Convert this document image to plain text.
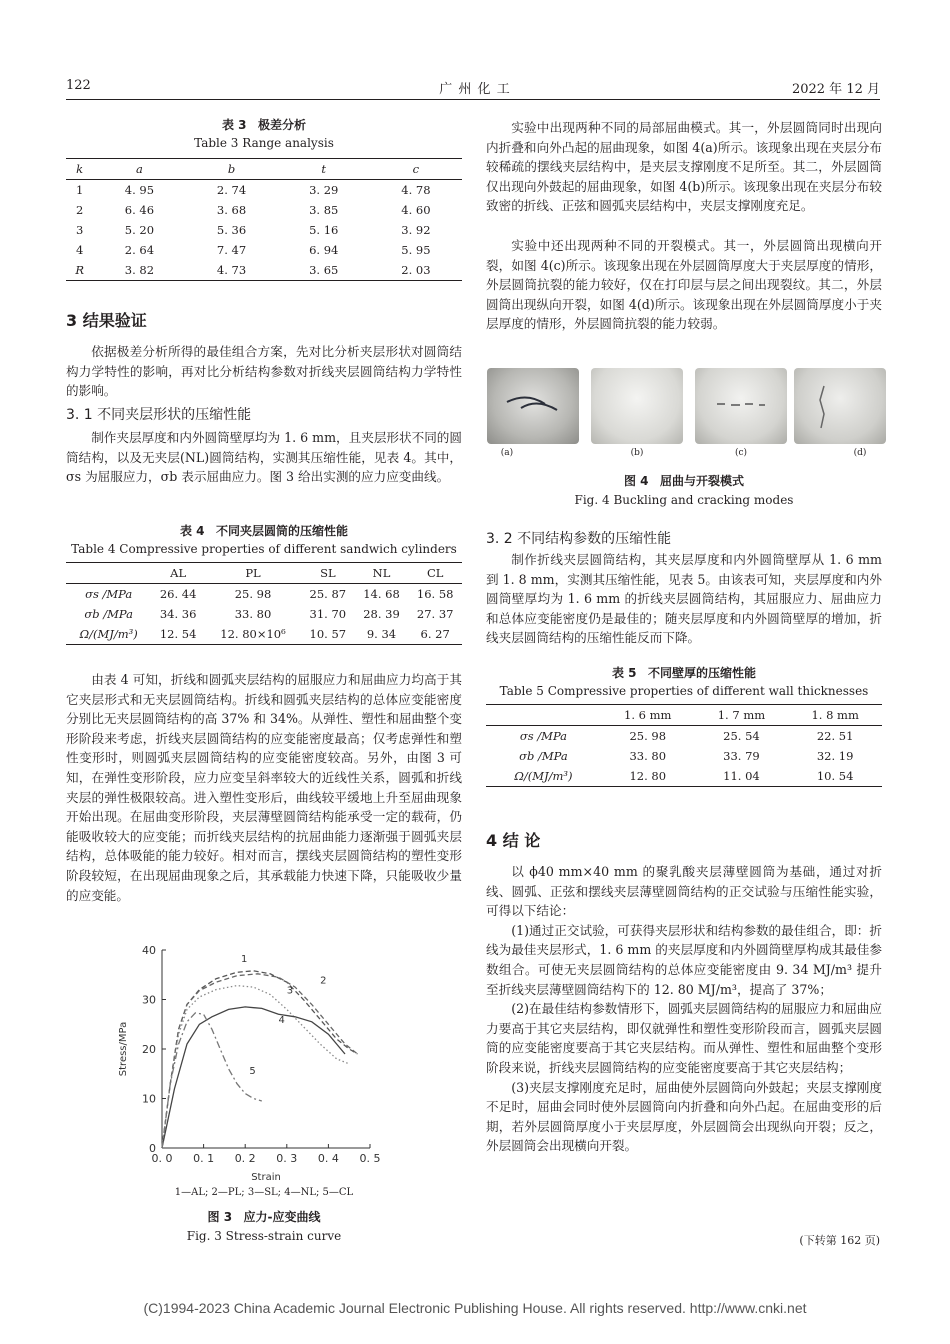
122	广 州 化 工	2022 年 12 月
表 3 极差分析
Table 3 Range analysis
k	a	b	t	c
1	4. 95	2. 74	3. 29	4. 78
2	6. 46	3. 68	3. 85	4. 60
3	5. 20	5. 36	5. 16	3. 92
4	2. 64	7. 47	6. 94	5. 95
R	3. 82	4. 73	3. 65	2. 03
3 结果验证

依据极差分析所得的最佳组合方案，先对比分析夹层形状对圆筒结构力学特性的影响，再对比分析结构参数对折线夹层圆筒结构力学特性的影响。

3. 1 不同夹层形状的压缩性能

制作夹层厚度和内外圆筒壁厚均为 1. 6 mm，且夹层形状不同的圆筒结构，以及无夹层(NL)圆筒结构，实测其压缩性能，见表 4。其中，σs 为屈服应力，σb 表示屈曲应力。图 3 给出实测的应力应变曲线。

表 4 不同夹层圆筒的压缩性能
Table 4 Compressive properties of different sandwich cylinders
	AL	PL	SL	NL	CL
σs /MPa	26. 44	25. 98	25. 87	14. 68	16. 58
σb /MPa	34. 36	33. 80	31. 70	28. 39	27. 37
Ω/(MJ/m³)	12. 54	12. 80×10⁶	10. 57	9. 34	6. 27

由表 4 可知，折线和圆弧夹层结构的屈服应力和屈曲应力均高于其它夹层形式和无夹层圆筒结构。折线和圆弧夹层结构的总体应变能密度分别比无夹层圆筒结构的高 37% 和 34%。从弹性、塑性和屈曲整个变形阶段来考虑，折线夹层圆筒结构的应变能密度最高；仅考虑弹性和塑性变形时，则圆弧夹层圆筒结构的应变能密度较高。另外，由图 3 可知，在弹性变形阶段，应力应变呈斜率较大的近线性关系，圆弧和折线夹层的弹性极限较高。进入塑性变形后，曲线较平缓地上升至屈曲现象开始出现。在屈曲变形阶段，夹层薄壁圆筒结构能承受一定的载荷，仍能吸收较大的应变能；而折线夹层结构的抗屈曲能力逐渐强于圆弧夹层结构，总体吸能的能力较好。相对而言，摆线夹层圆筒结构的塑性变形阶段较短，在出现屈曲现象之后，其承载能力快速下降，只能吸收少量的应变能。

0. 0 0. 1 0. 2 0. 3 0. 4 0. 5
0
10
20
30
40
Strain
Stress/MPa
1
2
3
4
5
1—AL; 2—PL; 3—SL; 4—NL; 5—CL
图 3 应力-应变曲线
Fig. 3 Stress-strain curve

实验中出现两种不同的局部屈曲模式。其一，外层圆筒同时出现向内折叠和向外凸起的屈曲现象，如图 4(a)所示。该现象出现在夹层分布较稀疏的摆线夹层结构中，是夹层支撑刚度不足所至。其二，外层圆筒仅出现向外鼓起的屈曲现象，如图 4(b)所示。该现象出现在夹层分布较致密的折线、正弦和圆弧夹层结构中，夹层支撑刚度充足。

实验中还出现两种不同的开裂模式。其一，外层圆筒出现横向开裂，如图 4(c)所示。该现象出现在外层圆筒厚度大于夹层厚度的情形，外层圆筒抗裂的能力较好，仅在打印层与层之间出现裂纹。其二，外层圆筒出现纵向开裂，如图 4(d)所示。该现象出现在外层圆筒厚度小于夹层厚度的情形，外层圆筒抗裂的能力较弱。

(a)	(b)	(c)	(d)
图 4 屈曲与开裂模式
Fig. 4 Buckling and cracking modes
3. 2 不同结构参数的压缩性能

制作折线夹层圆筒结构，其夹层厚度和内外圆筒壁厚从 1. 6 mm 到 1. 8 mm，实测其压缩性能，见表 5。由该表可知，夹层厚度和内外圆筒壁厚均为 1. 6 mm 的折线夹层圆筒结构，其屈服应力、屈曲应力和总体应变能密度仍是最佳的；随夹层厚度和内外圆筒壁厚的增加，折线夹层圆筒结构的压缩性能反而下降。

表 5 不同壁厚的压缩性能
Table 5 Compressive properties of different wall thicknesses
	1. 6 mm	1. 7 mm	1. 8 mm
σs /MPa	25. 98	25. 54	22. 51
σb /MPa	33. 80	33. 79	32. 19
Ω/(MJ/m³)	12. 80	11. 04	10. 54
4 结 论

以 ϕ40 mm×40 mm 的聚乳酸夹层薄壁圆筒为基础，通过对折线、圆弧、正弦和摆线夹层薄壁圆筒结构的正交试验与压缩性能实验，可得以下结论：

(1)通过正交试验，可获得夹层形状和结构参数的最佳组合，即：折线为最佳夹层形式，1. 6 mm 的夹层厚度和内外圆筒壁厚构成其最佳参数组合。可使无夹层圆筒结构的总体应变能密度由 9. 34 MJ/m³ 提升至折线夹层薄壁圆筒结构下的 12. 80 MJ/m³，提高了 37%；

(2)在最佳结构参数情形下，圆弧夹层圆筒结构的屈服应力和屈曲应力要高于其它夹层结构，即仅就弹性和塑性变形阶段而言，圆弧夹层圆筒的应变能密度要高于其它夹层结构。而从弹性、塑性和屈曲整个变形阶段来说，折线夹层圆筒结构的应变能密度要高于其它夹层结构；

(3)夹层支撑刚度充足时，屈曲使外层圆筒向外鼓起；夹层支撑刚度不足时，屈曲会同时使外层圆筒向内折叠和向外凸起。在屈曲变形的后期，若外层圆筒厚度小于夹层厚度，外层圆筒会出现纵向开裂；反之，外层圆筒会出现横向开裂。

(下转第 162 页)
(C)1994-2023 China Academic Journal Electronic Publishing House. All rights reserved. http://www.cnki.net
